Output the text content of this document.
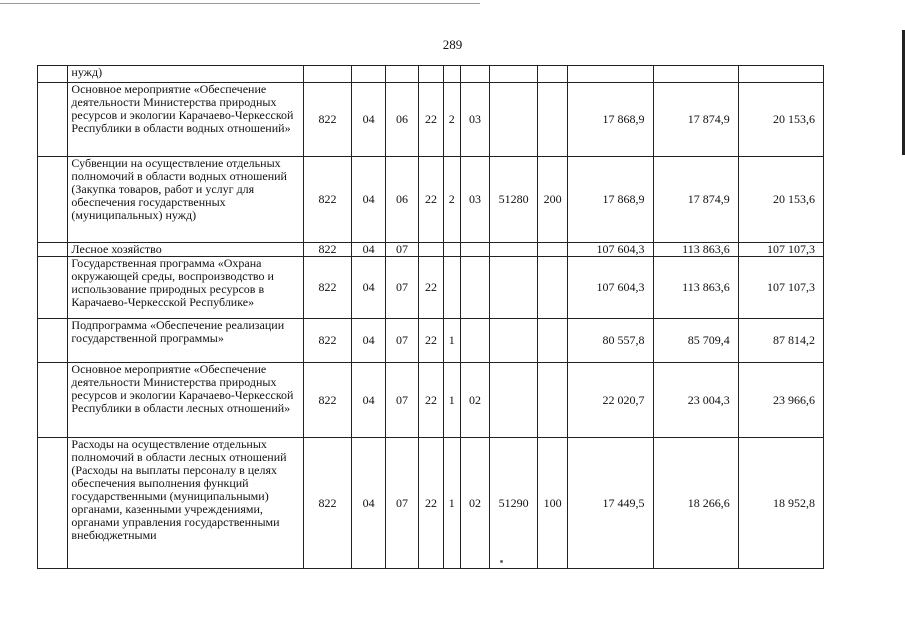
289
	нужд)											
	Основное мероприятие «Обеспечение деятельности Министерства природных ресурсов и экологии Карачаево-Черкесской Республики в области водных отношений»	822	04	06	22	2	03			17 868,9	17 874,9	20 153,6
	Субвенции на осуществление отдельных полномочий в области водных отношений (Закупка товаров, работ и услуг для обеспечения государственных (муниципальных) нужд)	822	04	06	22	2	03	51280	200	17 868,9	17 874,9	20 153,6
	Лесное хозяйство	822	04	07						107 604,3	113 863,6	107 107,3
	Государственная программа «Охрана окружающей среды, воспроизводство и использование природных ресурсов в Карачаево-Черкесской Республике»	822	04	07	22					107 604,3	113 863,6	107 107,3
	Подпрограмма «Обеспечение реализации государственной программы»	822	04	07	22	1				80 557,8	85 709,4	87 814,2
	Основное мероприятие «Обеспечение деятельности Министерства природных ресурсов и экологии Карачаево-Черкесской Республики в области лесных отношений»	822	04	07	22	1	02			22 020,7	23 004,3	23 966,6
	Расходы на осуществление отдельных полномочий в области лесных отношений (Расходы на выплаты персоналу в целях обеспечения выполнения функций государственными (муниципальными) органами, казенными учреждениями, органами управления государственными внебюджетными	822	04	07	22	1	02	51290	100	17 449,5	18 266,6	18 952,8
